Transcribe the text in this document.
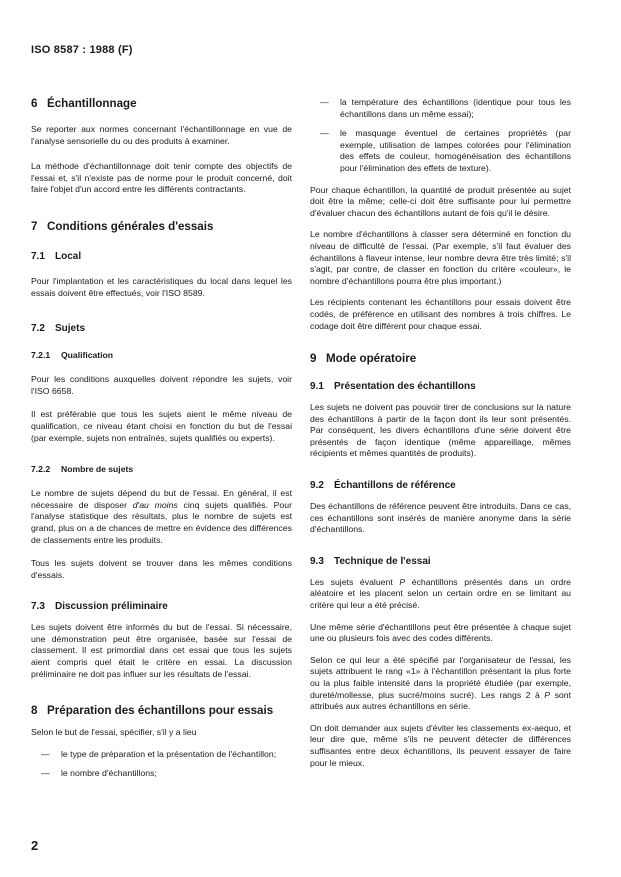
ISO 8587 : 1988 (F)
6 Échantillonnage

Se reporter aux normes concernant l'échantillonnage en vue de l'analyse sensorielle du ou des produits à examiner.

La méthode d'échantillonnage doit tenir compte des objectifs de l'essai et, s'il n'existe pas de norme pour le produit concerné, doit faire l'objet d'un accord entre les différents contractants.

7 Conditions générales d'essais
7.1	Local

Pour l'implantation et les caractéristiques du local dans lequel les essais doivent être effectués, voir l'ISO 8589.

7.2	Sujets
7.2.1	Qualification

Pour les conditions auxquelles doivent répondre les sujets, voir l'ISO 6658.

Il est préférable que tous les sujets aient le même niveau de qualification, ce niveau étant choisi en fonction du but de l'essai (par exemple, sujets non entraînés, sujets qualifiés ou experts).

7.2.2	Nombre de sujets

Le nombre de sujets dépend du but de l'essai. En général, il est nécessaire de disposer d'au moins cinq sujets qualifiés. Pour l'analyse statistique des résultats, plus le nombre de sujets est grand, plus on a de chances de mettre en évidence des différences de classements entre les produits.

Tous les sujets doivent se trouver dans les mêmes conditions d'essais.

7.3	Discussion préliminaire

Les sujets doivent être informés du but de l'essai. Si nécessaire, une démonstration peut être organisée, basée sur l'essai de classement. Il est primordial dans cet essai que tous les sujets aient compris quel était le critère en essai. La discussion préliminaire ne doit pas influer sur les résultats de l'essai.

8 Préparation des échantillons pour essais

Selon le but de l'essai, spécifier, s'il y a lieu

—	le type de préparation et la présentation de l'échantillon;
—	le nombre d'échantillons;
—	la température des échantillons (identique pour tous les échantillons dans un même essai);
—	le masquage éventuel de certaines propriétés (par exemple, utilisation de lampes colorées pour l'élimination des effets de couleur, homogénéisation des échantillons pour l'élimination des effets de texture).

Pour chaque échantillon, la quantité de produit présentée au sujet doit être la même; celle-ci doit être suffisante pour lui permettre d'évaluer chacun des échantillons autant de fois qu'il le désire.

Le nombre d'échantillons à classer sera déterminé en fonction du niveau de difficulté de l'essai. (Par exemple, s'il faut évaluer des échantillons à flaveur intense, leur nombre devra être très limité; s'il s'agit, par contre, de classer en fonction du critère «couleur», le nombre d'échantillons pourra être plus important.)

Les récipients contenant les échantillons pour essais doivent être codés, de préférence en utilisant des nombres à trois chiffres. Le codage doit être différent pour chaque essai.

9 Mode opératoire
9.1	Présentation des échantillons

Les sujets ne doivent pas pouvoir tirer de conclusions sur la nature des échantillons à partir de la façon dont ils leur sont présentés. Par conséquent, les divers échantillons d'une série doivent être présentés de façon identique (même appareillage, mêmes récipients et mêmes quantités de produits).

9.2	Échantillons de référence

Des échantillons de référence peuvent être introduits. Dans ce cas, ces échantillons sont insérés de manière anonyme dans la série d'échantillons.

9.3	Technique de l'essai

Les sujets évaluent P échantillons présentés dans un ordre aléatoire et les placent selon un certain ordre en se limitant au critère qui leur a été précisé.

Une même série d'échantillons peut être présentée à chaque sujet une ou plusieurs fois avec des codes différents.

Selon ce qui leur a été spécifié par l'organisateur de l'essai, les sujets attribuent le rang «1» à l'échantillon présentant la plus forte ou la plus faible intensité dans la propriété étudiée (par exemple, dureté/mollesse, plus sucré/moins sucré). Les rangs 2 à P sont attribués aux autres échantillons en série.

On doit demander aux sujets d'éviter les classements ex-aequo, et leur dire que, même s'ils ne peuvent détecter de différences suffisantes entre deux échantillons, ils peuvent essayer de faire pour le mieux.

2
